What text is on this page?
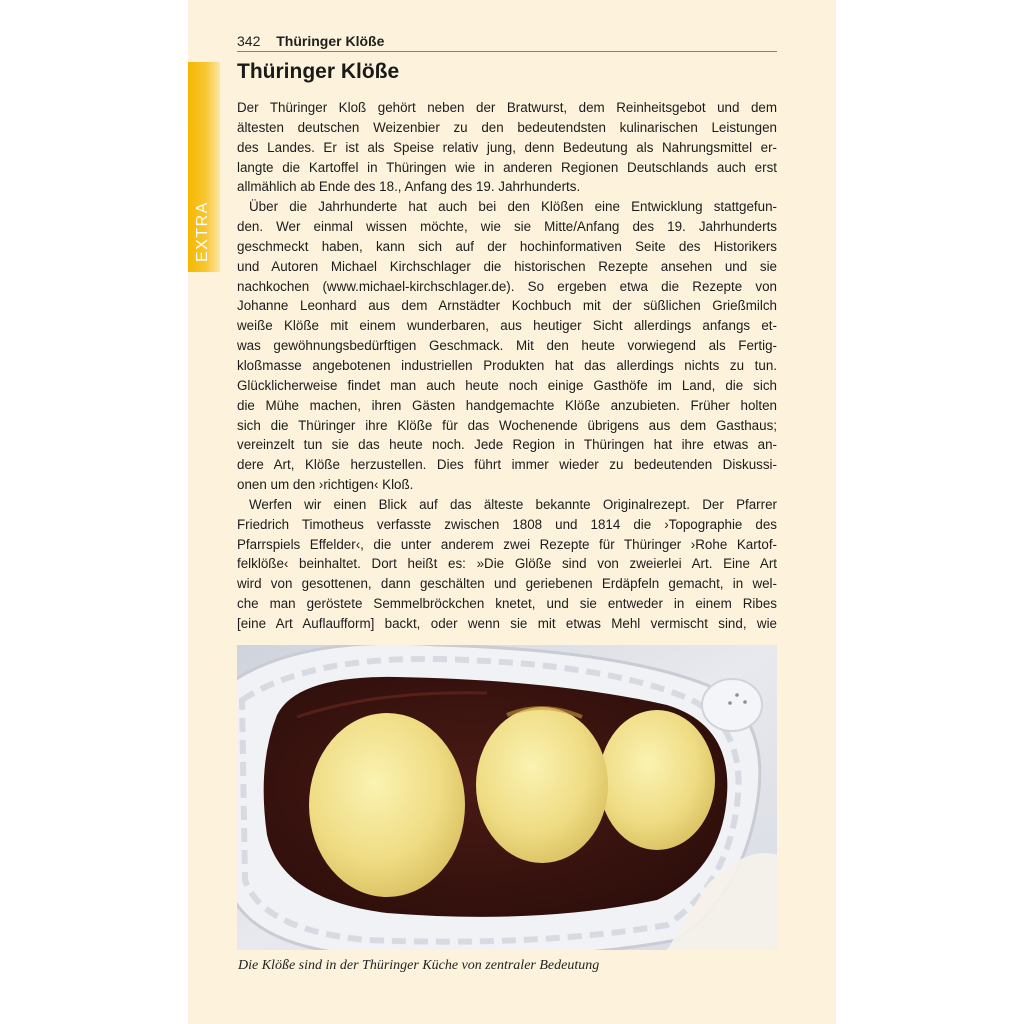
EXTRA
342 Thüringer Klöße
Thüringer Klöße
Der Thüringer Kloß gehört neben der Bratwurst, dem Reinheitsgebot und dem
ältesten deutschen Weizenbier zu den bedeutendsten kulinarischen Leistungen
des Landes. Er ist als Speise relativ jung, denn Bedeutung als Nahrungsmittel er-
langte die Kartoffel in Thüringen wie in anderen Regionen Deutschlands auch erst
allmählich ab Ende des 18., Anfang des 19. Jahrhunderts.
Über die Jahrhunderte hat auch bei den Klößen eine Entwicklung stattgefun-
den. Wer einmal wissen möchte, wie sie Mitte/Anfang des 19. Jahrhunderts
geschmeckt haben, kann sich auf der hochinformativen Seite des Historikers
und Autoren Michael Kirchschlager die historischen Rezepte ansehen und sie
nachkochen (www.michael-kirchschlager.de). So ergeben etwa die Rezepte von
Johanne Leonhard aus dem Arnstädter Kochbuch mit der süßlichen Grießmilch
weiße Klöße mit einem wunderbaren, aus heutiger Sicht allerdings anfangs et-
was gewöhnungsbedürftigen Geschmack. Mit den heute vorwiegend als Fertig-
kloßmasse angebotenen industriellen Produkten hat das allerdings nichts zu tun.
Glücklicherweise findet man auch heute noch einige Gasthöfe im Land, die sich
die Mühe machen, ihren Gästen handgemachte Klöße anzubieten. Früher holten
sich die Thüringer ihre Klöße für das Wochenende übrigens aus dem Gasthaus;
vereinzelt tun sie das heute noch. Jede Region in Thüringen hat ihre etwas an-
dere Art, Klöße herzustellen. Dies führt immer wieder zu bedeutenden Diskussi-
onen um den ›richtigen‹ Kloß.
Werfen wir einen Blick auf das älteste bekannte Originalrezept. Der Pfarrer
Friedrich Timotheus verfasste zwischen 1808 und 1814 die ›Topographie des
Pfarrspiels Effelder‹, die unter anderem zwei Rezepte für Thüringer ›Rohe Kartof-
felklöße‹ beinhaltet. Dort heißt es: »Die Glöße sind von zweierlei Art. Eine Art
wird von gesottenen, dann geschälten und geriebenen Erdäpfeln gemacht, in wel-
che man geröstete Semmelbröckchen knetet, und sie entweder in einem Ribes
[eine Art Auflaufform] backt, oder wenn sie mit etwas Mehl vermischt sind, wie

Die Klöße sind in der Thüringer Küche von zentraler Bedeutung
